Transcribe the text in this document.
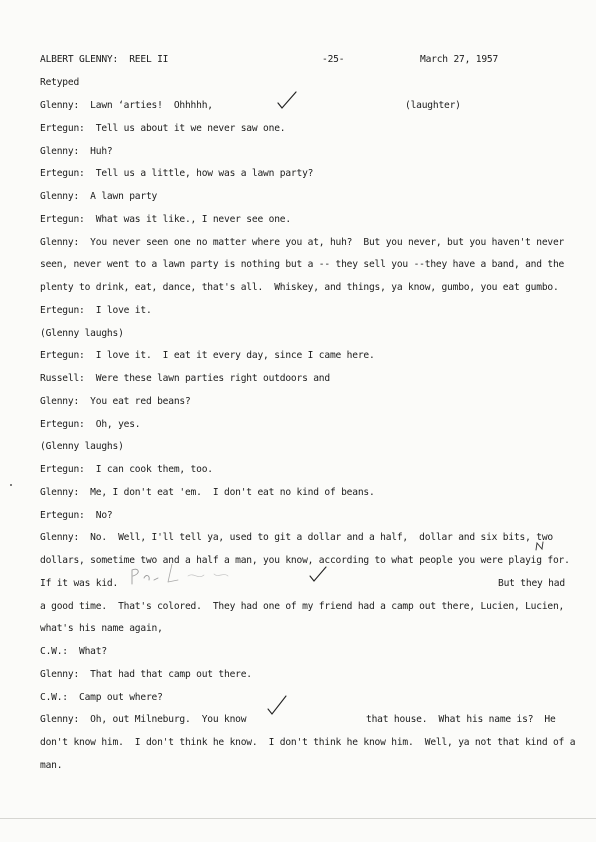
ALBERT GLENNY:  REEL II	-25-	March 27, 1957

Retyped

Glenny:  Lawn ‘arties!  Ohhhhh,	(laughter)

Ertegun:  Tell us about it we never saw one.

Glenny:  Huh?

Ertegun:  Tell us a little, how was a lawn party?

Glenny:  A lawn party

Ertegun:  What was it like., I never see one.

Glenny:  You never seen one no matter where you at, huh?  But you never, but you haven't never

seen, never went to a lawn party is nothing but a -- they sell you --they have a band, and the

plenty to drink, eat, dance, that's all.  Whiskey, and things, ya know, gumbo, you eat gumbo.

Ertegun:  I love it.

(Glenny laughs)

Ertegun:  I love it.  I eat it every day, since I came here.

Russell:  Were these lawn parties right outdoors and

Glenny:  You eat red beans?

Ertegun:  Oh, yes.

(Glenny laughs)

Ertegun:  I can cook them, too.

Glenny:  Me, I don't eat 'em.  I don't eat no kind of beans.

Ertegun:  No?

Glenny:  No.  Well, I'll tell ya, used to git a dollar and a half,  dollar and six bits, two

dollars, sometime two and a half a man, you know, according to what people you were playig for.

If it was kid.	But they had

a good time.  That's colored.  They had one of my friend had a camp out there, Lucien, Lucien,

what's his name again,

C.W.:  What?

Glenny:  That had that camp out there.

C.W.:  Camp out where?

Glenny:  Oh, out Milneburg.  You know	that house.  What his name is?  He

don't know him.  I don't think he know.  I don't think he know him.  Well, ya not that kind of a

man.
